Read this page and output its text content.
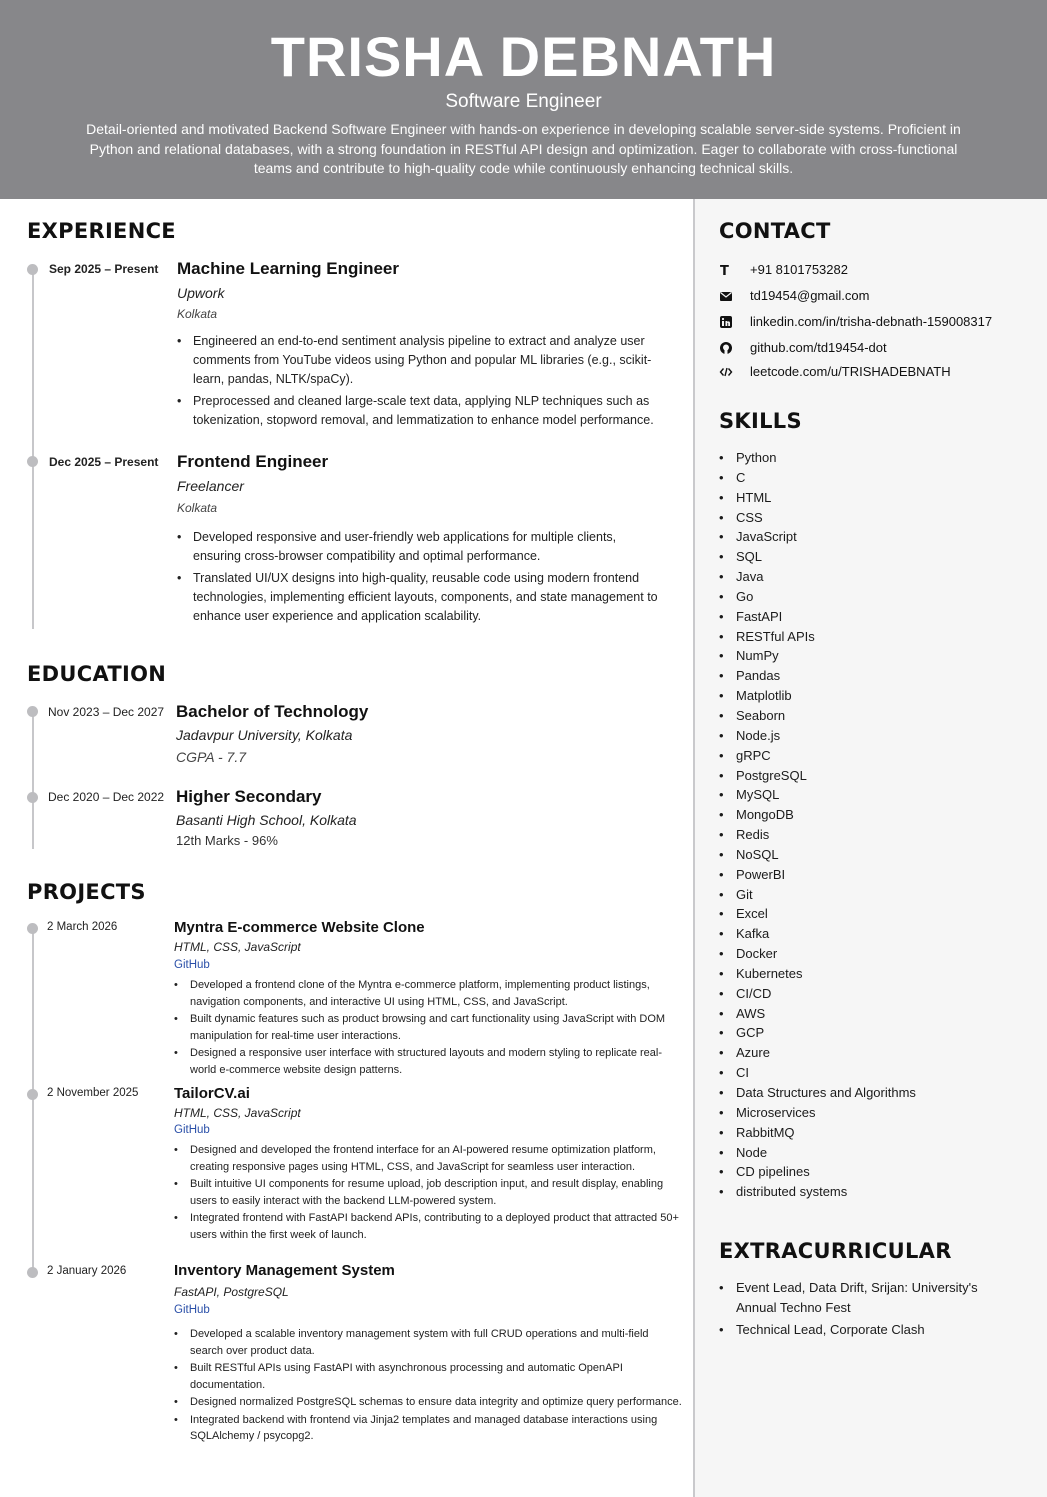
TRISHA DEBNATH
Software Engineer
Detail-oriented and motivated Backend Software Engineer with hands-on experience in developing scalable server-side systems. Proficient in Python and relational databases, with a strong foundation in RESTful API design and optimization. Eager to collaborate with cross-functional teams and contribute to high-quality code while continuously enhancing technical skills.
EXPERIENCE
Sep 2025 – Present Machine Learning Engineer
Upwork
Kolkata
• Engineered an end-to-end sentiment analysis pipeline to extract and analyze user comments from YouTube videos using Python and popular ML libraries (e.g., scikit-learn, pandas, NLTK/spaCy).
• Preprocessed and cleaned large-scale text data, applying NLP techniques such as tokenization, stopword removal, and lemmatization to enhance model performance.
Dec 2025 – Present Frontend Engineer
Freelancer
Kolkata
• Developed responsive and user-friendly web applications for multiple clients, ensuring cross-browser compatibility and optimal performance.
• Translated UI/UX designs into high-quality, reusable code using modern frontend technologies, implementing efficient layouts, components, and state management to enhance user experience and application scalability.
EDUCATION
Nov 2023 – Dec 2027 Bachelor of Technology
Jadavpur University, Kolkata
CGPA - 7.7
Dec 2020 – Dec 2022 Higher Secondary
Basanti High School, Kolkata
12th Marks - 96%
PROJECTS
2 March 2026	Myntra E-commerce Website Clone
HTML, CSS, JavaScript
GitHub
• Developed a frontend clone of the Myntra e-commerce platform, implementing product listings, navigation components, and interactive UI using HTML, CSS, and JavaScript.
• Built dynamic features such as product browsing and cart functionality using JavaScript with DOM manipulation for real-time user interactions.
• Designed a responsive user interface with structured layouts and modern styling to replicate real-world e-commerce website design patterns.
2 November 2025 TailorCV.ai
HTML, CSS, JavaScript
GitHub
• Designed and developed the frontend interface for an AI-powered resume optimization platform, creating responsive pages using HTML, CSS, and JavaScript for seamless user interaction.
• Built intuitive UI components for resume upload, job description input, and result display, enabling users to easily interact with the backend LLM-powered system.
• Integrated frontend with FastAPI backend APIs, contributing to a deployed product that attracted 50+ users within the first week of launch.
2 January 2026	Inventory Management System
FastAPI, PostgreSQL
GitHub
• Developed a scalable inventory management system with full CRUD operations and multi-field search over product data.
• Built RESTful APIs using FastAPI with asynchronous processing and automatic OpenAPI documentation.
• Designed normalized PostgreSQL schemas to ensure data integrity and optimize query performance.
• Integrated backend with frontend via Jinja2 templates and managed database interactions using SQLAlchemy / psycopg2.
CONTACT
T +91 8101753282
td19454@gmail.com
linkedin.com/in/trisha-debnath-159008317
github.com/td19454-dot
leetcode.com/u/TRISHADEBNATH
SKILLS
• Python
• C
• HTML
• CSS
• JavaScript
• SQL
• Java
• Go
• FastAPI
• RESTful APIs
• NumPy
• Pandas
• Matplotlib
• Seaborn
• Node.js
• gRPC
• PostgreSQL
• MySQL
• MongoDB
• Redis
• NoSQL
• PowerBI
• Git
• Excel
• Kafka
• Docker
• Kubernetes
• CI/CD
• AWS
• GCP
• Azure
• CI
• Data Structures and Algorithms
• Microservices
• RabbitMQ
• Node
• CD pipelines
• distributed systems
EXTRACURRICULAR
• Event Lead, Data Drift, Srijan: University's Annual Techno Fest
• Technical Lead, Corporate Clash
